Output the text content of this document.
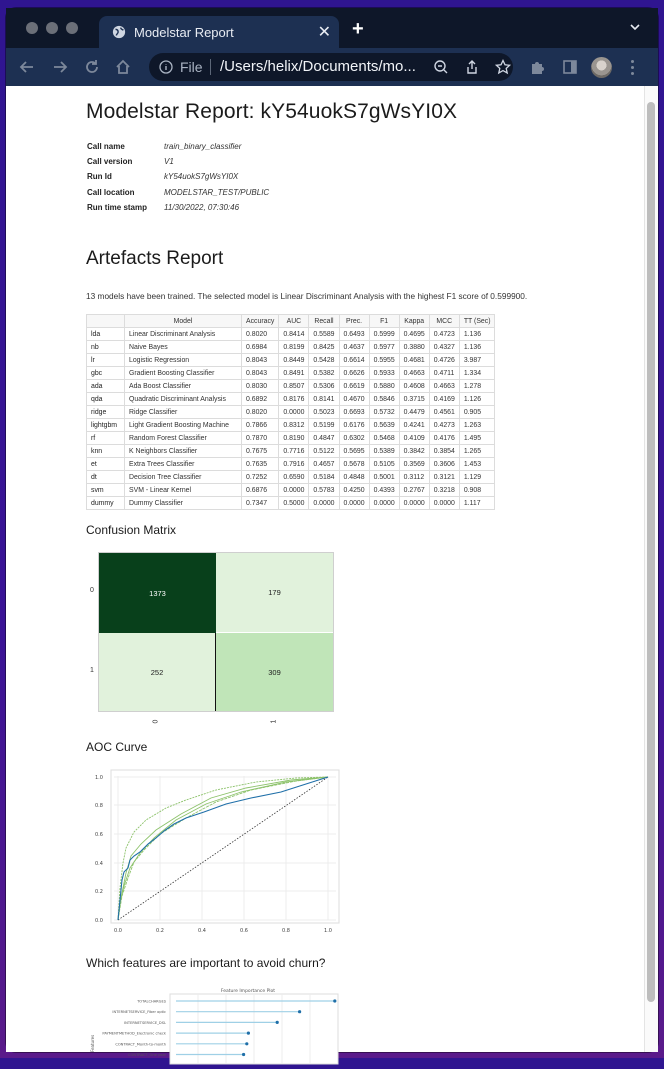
Modelstar Report	✕ +
File /Users/helix/Documents/mo...
Modelstar Report: kY54uokS7gWsYI0X
Call name	train_binary_classifier
Call version	V1
Run Id	kY54uokS7gWsYI0X
Call location	MODELSTAR_TEST/PUBLIC
Run time stamp	11/30/2022, 07:30:46
Artefacts Report

13 models have been trained. The selected model is Linear Discriminant Analysis with the highest F1 score of 0.599900.

	Model	Accuracy	AUC	Recall	Prec.	F1	Kappa	MCC	TT (Sec)
lda	Linear Discriminant Analysis	0.8020	0.8414	0.5589	0.6493	0.5999	0.4695	0.4723	1.136
nb	Naive Bayes	0.6984	0.8199	0.8425	0.4637	0.5977	0.3880	0.4327	1.136
lr	Logistic Regression	0.8043	0.8449	0.5428	0.6614	0.5955	0.4681	0.4726	3.987
gbc	Gradient Boosting Classifier	0.8043	0.8491	0.5382	0.6626	0.5933	0.4663	0.4711	1.334
ada	Ada Boost Classifier	0.8030	0.8507	0.5306	0.6619	0.5880	0.4608	0.4663	1.278
qda	Quadratic Discriminant Analysis	0.6892	0.8176	0.8141	0.4670	0.5846	0.3715	0.4169	1.126
ridge	Ridge Classifier	0.8020	0.0000	0.5023	0.6693	0.5732	0.4479	0.4561	0.905
lightgbm	Light Gradient Boosting Machine	0.7866	0.8312	0.5199	0.6176	0.5639	0.4241	0.4273	1.263
rf	Random Forest Classifier	0.7870	0.8190	0.4847	0.6302	0.5468	0.4109	0.4176	1.495
knn	K Neighbors Classifier	0.7675	0.7716	0.5122	0.5695	0.5389	0.3842	0.3854	1.265
et	Extra Trees Classifier	0.7635	0.7916	0.4657	0.5678	0.5105	0.3569	0.3606	1.453
dt	Decision Tree Classifier	0.7252	0.6590	0.5184	0.4848	0.5001	0.3112	0.3121	1.129
svm	SVM - Linear Kernel	0.6876	0.0000	0.5783	0.4250	0.4393	0.2767	0.3218	0.908
dummy	Dummy Classifier	0.7347	0.5000	0.0000	0.0000	0.0000	0.0000	0.0000	1.117
Confusion Matrix
1373	179
252	309
0
1
0	1
AOC Curve
0.0
0.2
0.4
0.6
0.8
1.0
0.0	0.2	0.4	0.6	0.8	1.0
Which features are important to avoid churn?
Feature Importance Plot
Features
TOTALCHARGES
INTERNETSERVICE_Fiber optic
INTERNETSERVICE_DSL
PAYMENTMETHOD_Electronic check
CONTRACT_Month-to-month
CONTRACT_One year
